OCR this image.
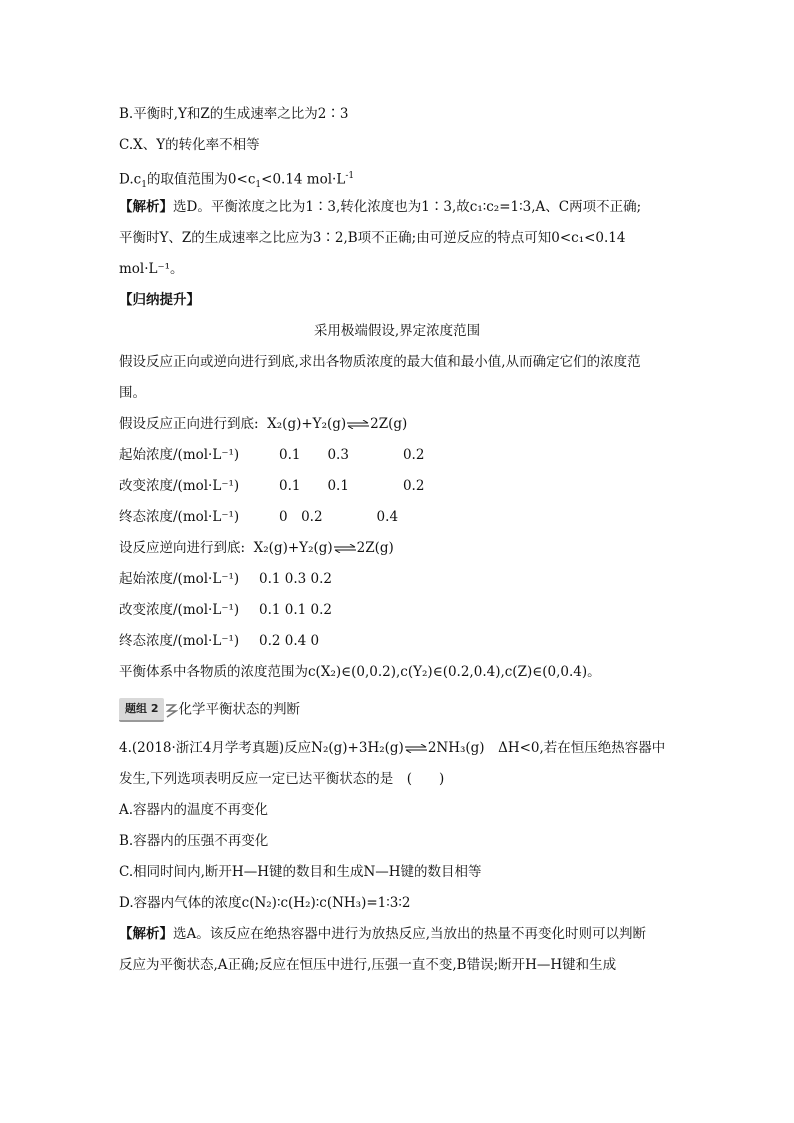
B.平衡时,Y和Z的生成速率之比为2∶3
C.X、Y的转化率不相等
$D.c_1$的取值范围为$0<c_1<0.14$ $mol\cdot L^{-1}$
【解析】选D。平衡浓度之比为1∶3,转化浓度也为1∶3,故c₁∶c₂=1∶3,A、C两项不正确;
平衡时Y、Z的生成速率之比应为3∶2,B项不正确;由可逆反应的特点可知0<c₁<0.14
mol·L⁻¹。
【归纳提升】
采用极端假设,界定浓度范围
假设反应正向或逆向进行到底,求出各物质浓度的最大值和最小值,从而确定它们的浓度范
围。
假设反应正向进行到底: X₂(g)+Y₂(g)⇌2Z(g)
起始浓度/(mol·L⁻¹)	0.1　　0.3　　　　0.2
改变浓度/(mol·L⁻¹)	0.1　　0.1　　　　0.2
终态浓度/(mol·L⁻¹)	0　0.2　　　　0.4
设反应逆向进行到底: X₂(g)+Y₂(g)⇌2Z(g)
起始浓度/(mol·L⁻¹) 0.1 0.3 0.2
改变浓度/(mol·L⁻¹) 0.1 0.1 0.2
终态浓度/(mol·L⁻¹) 0.2 0.4 0
平衡体系中各物质的浓度范围为c(X₂)∈(0,0.2),c(Y₂)∈(0.2,0.4),c(Z)∈(0,0.4)。
题组 2 化学平衡状态的判断
4.(2018·浙江4月学考真题)反应N₂(g)+3H₂(g)⇌2NH₃(g)　ΔH<0,若在恒压绝热容器中
发生,下列选项表明反应一定已达平衡状态的是　(　　)
A.容器内的温度不再变化
B.容器内的压强不再变化
C.相同时间内,断开H—H键的数目和生成N—H键的数目相等
D.容器内气体的浓度c(N₂)∶c(H₂)∶c(NH₃)=1∶3∶2
【解析】选A。该反应在绝热容器中进行为放热反应,当放出的热量不再变化时则可以判断
反应为平衡状态,A正确;反应在恒压中进行,压强一直不变,B错误;断开H—H键和生成
